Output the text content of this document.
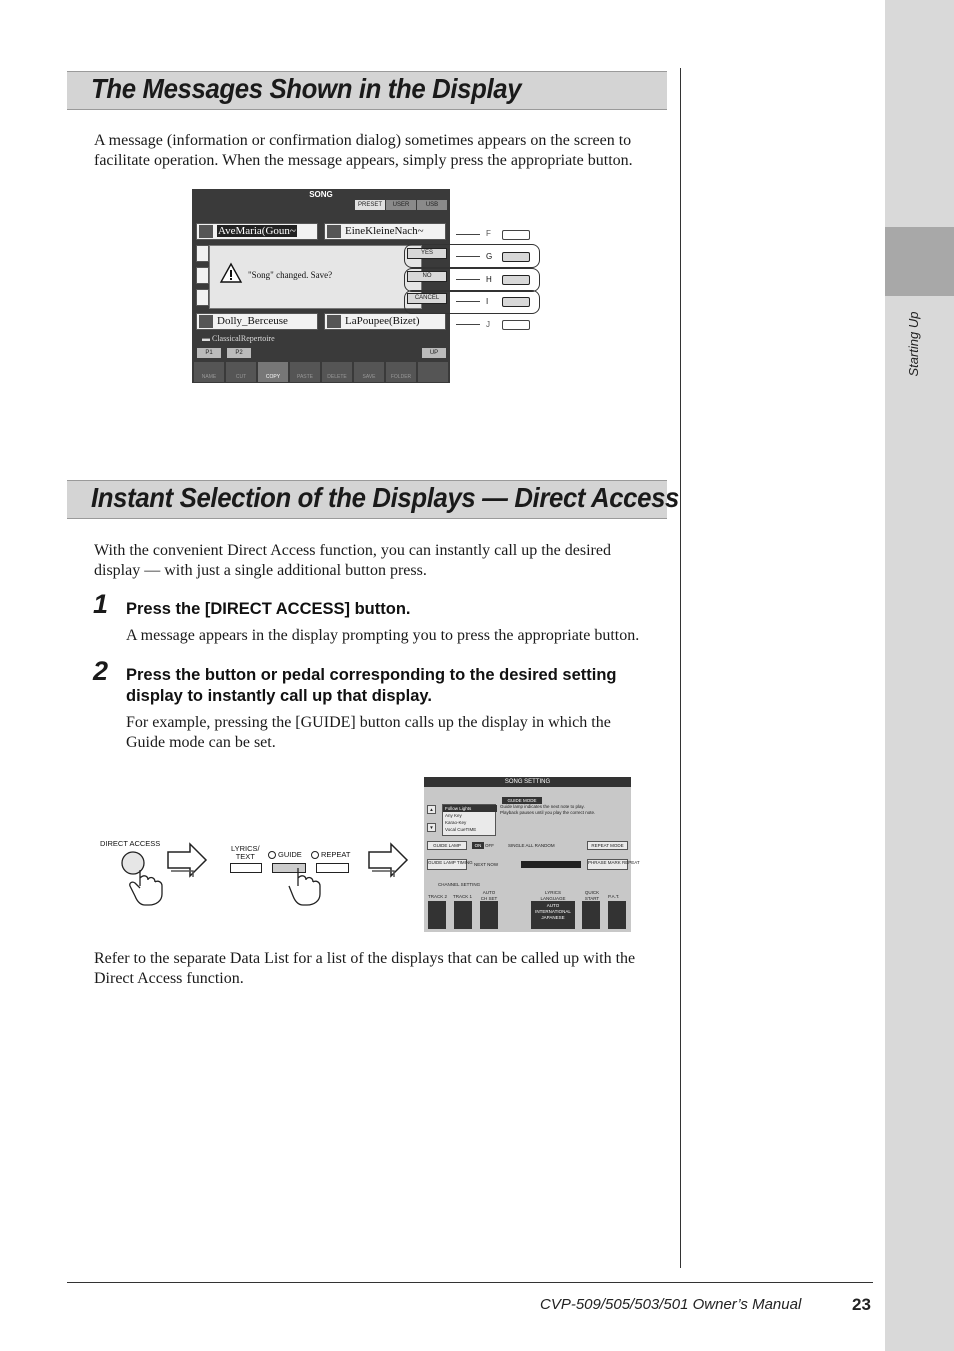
Starting Up
The Messages Shown in the Display
A message (information or confirmation dialog) sometimes appears on the screen to
facilitate operation. When the message appears, simply press the appropriate button.
SONG
PRESET	USER	USB
AveMaria(Goun~	EineKleineNach~
"Song" changed. Save?
YES
NO
CANCEL
Dolly_Berceuse	LaPoupee(Bizet)
▬ ClassicalRepertoire
P1	P2	UP
NAME	CUT	COPY	PASTE	DELETE	SAVE	FOLDER
F
G
H
I
J
Instant Selection of the Displays — Direct Access
With the convenient Direct Access function, you can instantly call up the desired
display — with just a single additional button press.
1 Press the [DIRECT ACCESS] button.
A message appears in the display prompting you to press the appropriate button.
2 Press the button or pedal corresponding to the desired setting
display to instantly call up that display.
For example, pressing the [GUIDE] button calls up the display in which the
Guide mode can be set.
DIRECT ACCESS
LYRICS/
TEXT	GUIDE	REPEAT
SONG SETTING
GUIDE MODE
▲
▼
Follow Lights
Any Key
Karao-Key
Vocal CueTIME
Guide lamp indicates the next note to play.
Playback pauses until you play the correct note.
GUIDE LAMP	ON OFF	SINGLE ALL RANDOM	REPEAT MODE
GUIDE LAMP TIMING NEXT NOW	PHRASE MARK REPEAT
CHANNEL SETTING
TRACK 2 TRACK 1
AUTO CH SET
LYRICS LANGUAGE
QUICK START	P.A.T.
AUTO
INTERNATIONAL
JAPANESE
Refer to the separate Data List for a list of the displays that can be called up with the
Direct Access function.
CVP-509/505/503/501 Owner’s Manual	23
